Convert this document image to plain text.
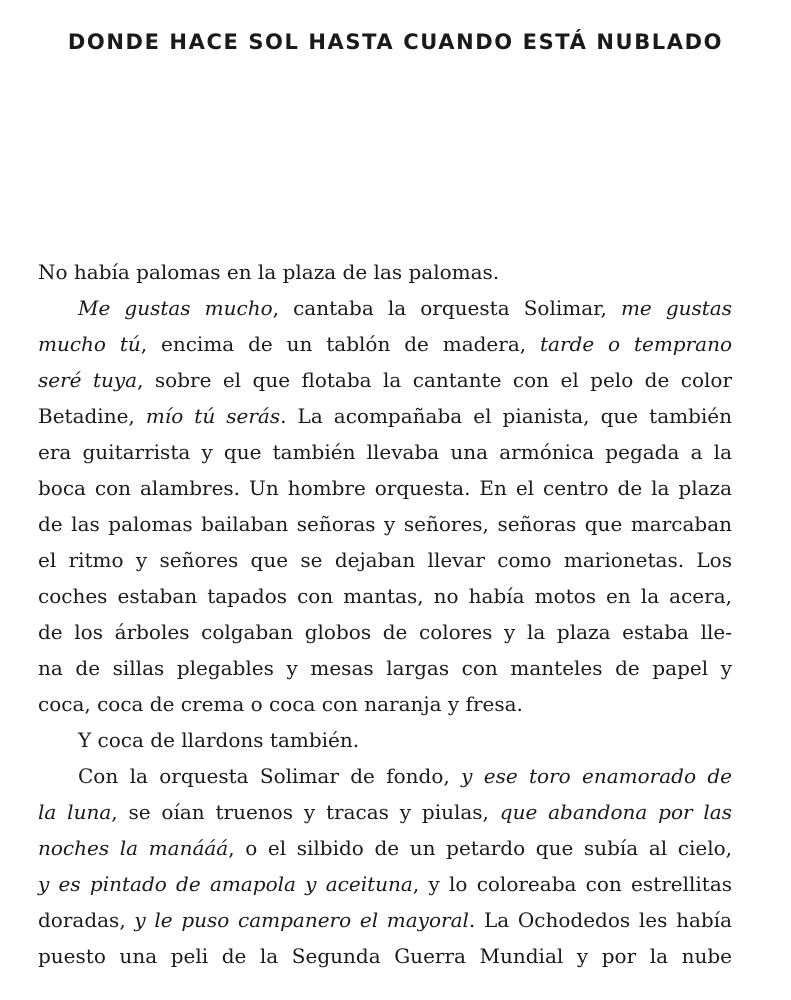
DONDE HACE SOL HASTA CUANDO ESTÁ NUBLADO
No había palomas en la plaza de las palomas.
Me gustas mucho, cantaba la orquesta Solimar, me gustas
mucho tú, encima de un tablón de madera, tarde o temprano
seré tuya, sobre el que flotaba la cantante con el pelo de color
Betadine, mío tú serás. La acompañaba el pianista, que también
era guitarrista y que también llevaba una armónica pegada a la
boca con alambres. Un hombre orquesta. En el centro de la plaza
de las palomas bailaban señoras y señores, señoras que marcaban
el ritmo y señores que se dejaban llevar como marionetas. Los
coches estaban tapados con mantas, no había motos en la acera,
de los árboles colgaban globos de colores y la plaza estaba lle-
na de sillas plegables y mesas largas con manteles de papel y
coca, coca de crema o coca con naranja y fresa.
Y coca de llardons también.
Con la orquesta Solimar de fondo, y ese toro enamorado de
la luna, se oían truenos y tracas y piulas, que abandona por las
noches la manááá, o el silbido de un petardo que subía al cielo,
y es pintado de amapola y aceituna, y lo coloreaba con estrellitas
doradas, y le puso campanero el mayoral. La Ochodedos les había
puesto una peli de la Segunda Guerra Mundial y por la nube
